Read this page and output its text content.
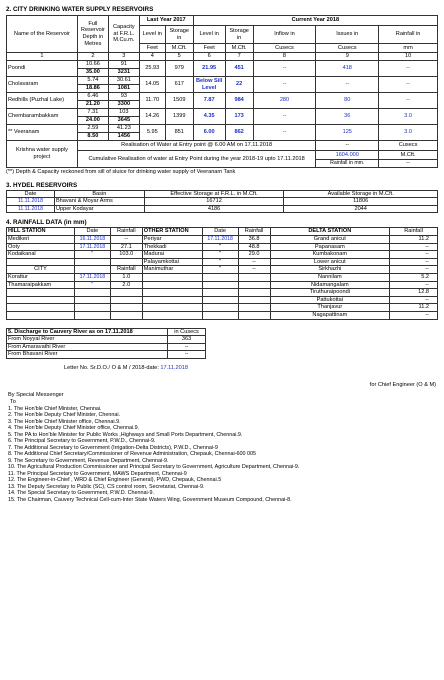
2. CITY DRINKING WATER SUPPLY RESERVOIRS

Name of the Reservoir	Full Reservoir Depth in Metres	Capacity at F.R.L. M.Cu.m.	Last Year 2017		Current Year 2018				
			Level in	Storage in	Level in	Storage in	Inflow in	Issues in	Rainfall in
			Feet	M.Cft.	Feet	M.Cft.	Cusecs	Cusecs	mm
1	2	3	4	5	6	7	8	9	10
Poondi	10.66	91	25.93	979	21.95	451	--	418	--
	35.00	3231							
Cholavaram	5.74	30.61	14.05	617	Below Sill Level	22	--	--	--
	18.86	1081							
Redhills (Puzhal Lake)	6.46	93	11.70	1509	7.87	984	280	80	--
	21.20	3300							
Chembarambakkam	7.31	103	14.26	1399	4.35	173	--	36	3.0
	24.00	3645							
** Veeranam	2.59	41.23	5.95	851	6.00	862	--	125	3.0
	8.50	1456							
Krishna water supply project	Realisation of Water at Entry point @ 6.00 AM on 17.11.2018							--	Cusecs
	Cumulative Realisation of water at Entry Point during the year 2018-19 upto 17.11.2018							1604.000	M.Cft.
								Rainfall in mm.	--
(**) Depth & Capacity reckoned from sill of sluice for drinking water supply of Veeranam Tank

3. HYDEL RESERVOIRS

Date	Basin	Effective Storage at F.R.L. in M.Cft.	Available Storage in M.Cft.
11.11.2018	Bhavani & Moyar Arms	16712	11806
11.11.2018	Upper Kodayar	4186	2044

4. RAINFALL DATA (in mm)

HILL STATION	Date	Rainfall	OTHER STATION	Date	Rainfall	DELTA STATION	Rainfall
Medikeri	16.11.2018	--	Periyar	17.11.2018	36.8	Grand anicut	11.2
Ooty	17.11.2018	27.1	Thekkadi	"	48.8	Papanasam	--
Kodaikanal	"	103.0	Madurai	"	29.0	Kumbakonam	--
			Palayamkottai	"	--	Lower anicut	--
CITY		Rainfall	Manimuthar	"	--	Sirkhazhi	--
Korattur	17.11.2018	1.0				Nannilam	5.2
Thamaraipakkam	"	2.0				Nidamangalam	--
						Tiruthuraipoondi	12.8
						Pattukottai	--
						Thanjavur	11.2
						Nagapattinam	--
5. Discharge to Cauvery River as on 17.11.2018	in Cusecs
From Noyyal River	363
From Amaravathi River	--
From Bhavani River	--
Letter No. Sr.D.O./ O & M / 2018-date: 17.11.2018
for Chief Engineer (O & M)
By Special Messenger
To
1. The Hon'ble Chief Minister, Chennai.
2. The Hon'ble Deputy Chief Minister, Chennai.
3. The Hon'ble Chief Minister office, Chennai.9.
4. The Hon'ble Deputy Chief Minister office, Chennai.9.
5. The PA to Hon'ble Minister for Public Works ,Highways and Small Ports Department, Chennai.9.
6. The Principal Secretary to Government, P.W.D., Chennai-9.
7. The Additional Secretary to Government (Irrigation-Delta Districts), P.W.D., Chennai-9
8. The Additional Chief Secretary/Commissioner of Revenue Administration, Chepauk, Chennai-600 005
9. The Secretary to Government, Revenue Department, Chennai-9.
10. The Agricultural Production Commissioner and Principal Secretary to Government, Agriculture Department, Chennai-9.
11. The Principal Secretary to Government, MAWS Department, Chennai-9
12. The Engineer-in-Chief , WRD & Chief Engineer (General), PWD, Chepauk, Chennai.5
13. The Deputy Secretary to Public (SC), CS control room, Secretariat, Chennai-9.
14. The Special Secretary to Government, P.W.D. Chennai-9.
15. The Chairman, Cauvery Technical Cell-cum-Inter State Waters Wing, Government Museum Compound, Chennai-8.
